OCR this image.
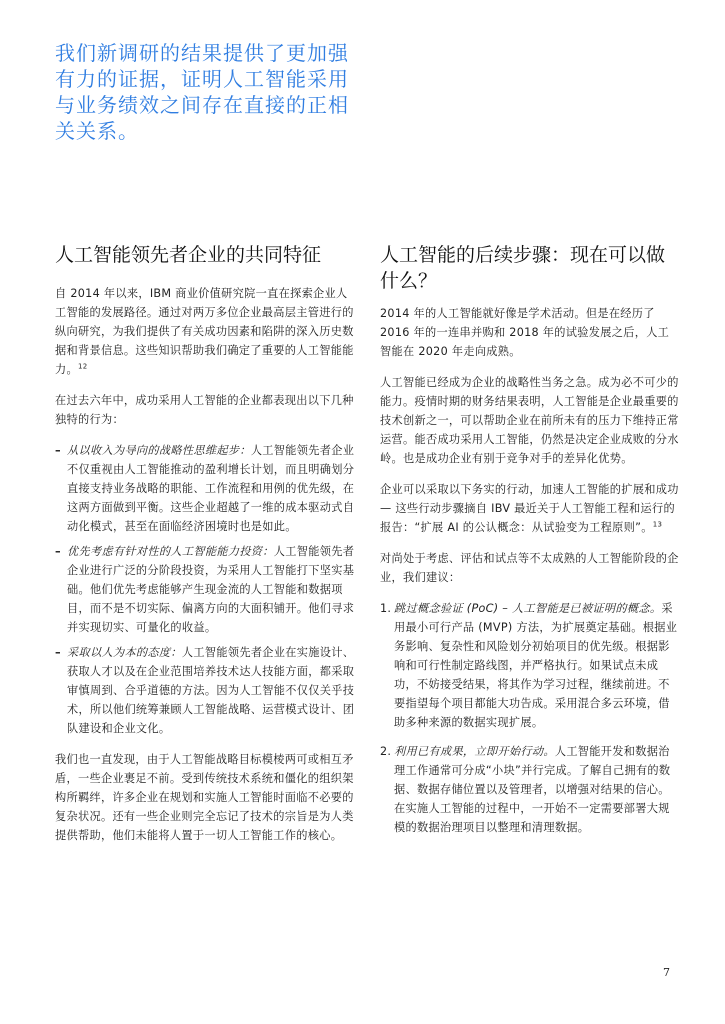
我们新调研的结果提供了更加强有力的证据，证明人工智能采用与业务绩效之间存在直接的正相关关系。
人工智能领先者企业的共同特征

自 2014 年以来，IBM 商业价值研究院一直在探索企业人工智能的发展路径。通过对两万多位企业最高层主管进行的纵向研究，为我们提供了有关成功因素和陷阱的深入历史数据和背景信息。这些知识帮助我们确定了重要的人工智能能力。$^{12}$

在过去六年中，成功采用人工智能的企业都表现出以下几种独特的行为：

– 从以收入为导向的战略性思维起步：人工智能领先者企业不仅重视由人工智能推动的盈利增长计划，而且明确划分直接支持业务战略的职能、工作流程和用例的优先级，在这两方面做到平衡。这些企业超越了一维的成本驱动式自动化模式，甚至在面临经济困境时也是如此。
– 优先考虑有针对性的人工智能能力投资：人工智能领先者企业进行广泛的分阶段投资，为采用人工智能打下坚实基础。他们优先考虑能够产生现金流的人工智能和数据项目，而不是不切实际、偏离方向的大面积铺开。他们寻求并实现切实、可量化的收益。
– 采取以人为本的态度：人工智能领先者企业在实施设计、获取人才以及在企业范围培养技术达人技能方面，都采取审慎周到、合乎道德的方法。因为人工智能不仅仅关乎技术，所以他们统筹兼顾人工智能战略、运营模式设计、团队建设和企业文化。

我们也一直发现，由于人工智能战略目标模棱两可或相互矛盾，一些企业裹足不前。受到传统技术系统和僵化的组织架构所羁绊，许多企业在规划和实施人工智能时面临不必要的复杂状况。还有一些企业则完全忘记了技术的宗旨是为人类提供帮助，他们未能将人置于一切人工智能工作的核心。

人工智能的后续步骤：现在可以做什么？

2014 年的人工智能就好像是学术活动。但是在经历了 2016 年的一连串并购和 2018 年的试验发展之后，人工智能在 2020 年走向成熟。

人工智能已经成为企业的战略性当务之急。成为必不可少的能力。疫情时期的财务结果表明，人工智能是企业最重要的技术创新之一，可以帮助企业在前所未有的压力下维持正常运营。能否成功采用人工智能，仍然是决定企业成败的分水岭。也是成功企业有别于竞争对手的差异化优势。

企业可以采取以下务实的行动，加速人工智能的扩展和成功 — 这些行动步骤摘自 IBV 最近关于人工智能工程和运行的报告：“扩展 AI 的公认概念：从试验变为工程原则”。$^{13}$

对尚处于考虑、评估和试点等不太成熟的人工智能阶段的企业，我们建议：

1. 跳过概念验证 (PoC) – 人工智能是已被证明的概念。采用最小可行产品 (MVP) 方法，为扩展奠定基础。根据业务影响、复杂性和风险划分初始项目的优先级。根据影响和可行性制定路线图，并严格执行。如果试点未成功，不妨接受结果，将其作为学习过程，继续前进。不要指望每个项目都能大功告成。采用混合多云环境，借助多种来源的数据实现扩展。
2. 利用已有成果，立即开始行动。人工智能开发和数据治理工作通常可分成“小块”并行完成。了解自己拥有的数据、数据存储位置以及管理者，以增强对结果的信心。在实施人工智能的过程中，一开始不一定需要部署大规模的数据治理项目以整理和清理数据。
7
